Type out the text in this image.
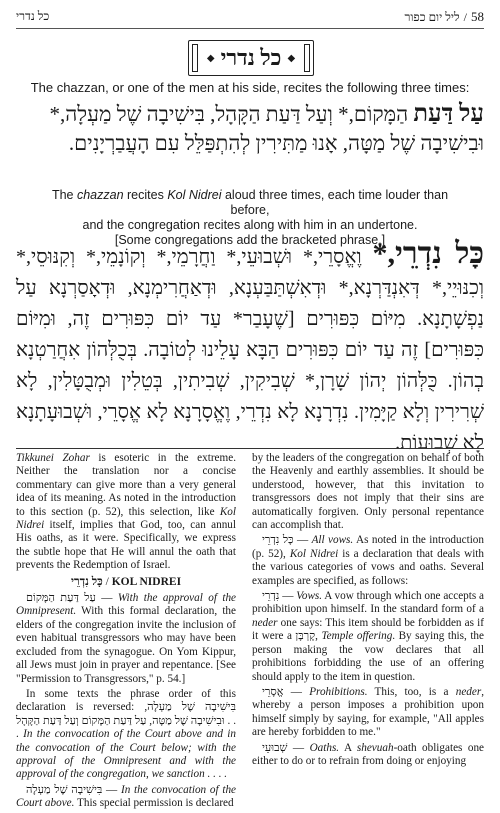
כל נדרי	ליל יום כפור / 58
◆
כל נדרי
◆
The chazzan, or one of the men at his side, recites the following three times:
עַל דַּעַת הַמָּקוֹם,* וְעַל דַּעַת הַקָּהָל, בִּישִׁיבָה שֶׁל מַעְלָה,* וּבִישִׁיבָה שֶׁל מַטָּה, אָנוּ מַתִּירִין לְהִתְפַּלֵּל עִם הָעֲבַרְיָנִים.
The chazzan recites Kol Nidrei aloud three times, each time louder than before,
and the congregation recites along with him in an undertone.
[Some congregations add the bracketed phrase.]
כָּל נִדְרֵי,* וֶאֱסָרֵי,* וּשְׁבוּעֵי,* וַחֲרָמֵי,* וְקוֹנָמֵי,* וְקִנּוּסֵי,* וְכִנּוּיֵי,* דְּאִנְדַּרְנָא,* וּדְאִשְׁתַּבַּעְנָא, וּדְאַחֲרִימְנָא, וּדְאָסַרְנָא עַל נַפְשָׁתָנָא. מִיּוֹם כִּפּוּרִים [שֶׁעָבַר* עַד יוֹם כִּפּוּרִים זֶה, וּמִיּוֹם כִּפּוּרִים] זֶה עַד יוֹם כִּפּוּרִים הַבָּא עָלֵינוּ לְטוֹבָה. בְּכֻלְּהוֹן אִחֲרַטְנָא בְהוֹן. כֻּלְּהוֹן יְהוֹן שָׁרָן,* שְׁבִיקִין, שְׁבִיתִין, בְּטֵלִין וּמְבֻטָּלִין, לָא שְׁרִירִין וְלָא קַיָּמִין. נִדְרָנָא לָא נִדְרֵי, וֶאֱסָרָנָא לָא אֱסָרֵי, וּשְׁבוּעָתָנָא לָא שְׁבוּעוֹת.

Tikkunei Zohar is esoteric in the extreme. Neither the translation nor a concise commentary can give more than a very general idea of its meaning. As noted in the introduction to this section (p. 52), this selection, like Kol Nidrei itself, implies that God, too, can annul His oaths, as it were. Specifically, we express the subtle hope that He will annul the oath that prevents the Redemption of Israel.

כָּל נִדְרֵי / KOL NIDREI

עַל דַּעַת הַמָּקוֹם — With the approval of the Omnipresent. With this formal declaration, the elders of the congregation invite the inclusion of even habitual transgressors who may have been excluded from the synagogue. On Yom Kippur, all Jews must join in prayer and repentance. [See "Permission to Transgressors," p. 54.]

In some texts the phrase order of this declaration is reversed: בִּישִׁיבָה שֶׁל מַעְלָה, וּבִישִׁיבָה שֶׁל מַטָּה, עַל דַּעַת הַמָּקוֹם וְעַל דַּעַת הַקָּהָל . . . In the convocation of the Court above and in the convocation of the Court below; with the approval of the Omnipresent and with the approval of the congregation, we sanction . . . .

בִּישִׁיבָה שֶׁל מַעְלָה — In the convocation of the Court above. This special permission is declared

by the leaders of the congregation on behalf of both the Heavenly and earthly assemblies. It should be understood, however, that this invitation to transgressors does not imply that their sins are automatically forgiven. Only personal repentance can accomplish that.

כָּל נִדְרֵי — All vows. As noted in the introduction (p. 52), Kol Nidrei is a declaration that deals with the various categories of vows and oaths. Several examples are specified, as follows:

נִדְרֵי — Vows. A vow through which one accepts a prohibition upon himself. In the standard form of a neder one says: This item should be forbidden as if it were a קָרְבָּן, Temple offering. By saying this, the person making the vow declares that all prohibitions forbidding the use of an offering should apply to the item in question.

אֱסָרֵי — Prohibitions. This, too, is a neder, whereby a person imposes a prohibition upon himself simply by saying, for example, "All apples are hereby forbidden to me."

שְׁבוּעֵי — Oaths. A shevuah-oath obligates one either to do or to refrain from doing or enjoying
